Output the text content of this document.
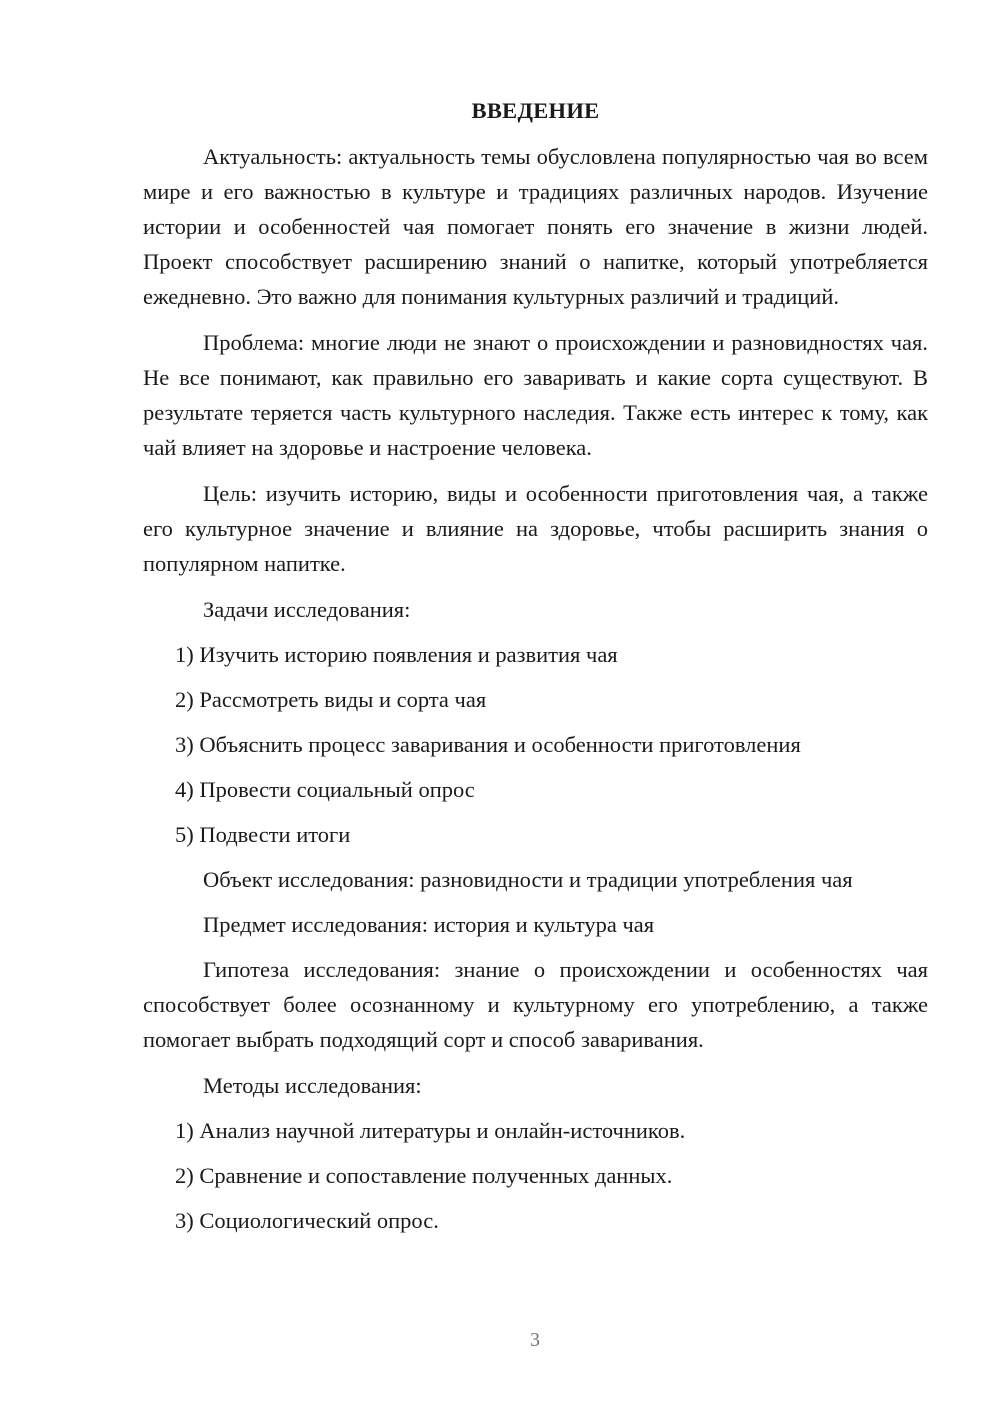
ВВЕДЕНИЕ

Актуальность: актуальность темы обусловлена популярностью чая во всем мире и его важностью в культуре и традициях различных народов. Изучение истории и особенностей чая помогает понять его значение в жизни людей. Проект способствует расширению знаний о напитке, который употребляется ежедневно. Это важно для понимания культурных различий и традиций.

Проблема: многие люди не знают о происхождении и разновидностях чая. Не все понимают, как правильно его заваривать и какие сорта существуют. В результате теряется часть культурного наследия. Также есть интерес к тому, как чай влияет на здоровье и настроение человека.

Цель: изучить историю, виды и особенности приготовления чая, а также его культурное значение и влияние на здоровье, чтобы расширить знания о популярном напитке.

Задачи исследования:
1) Изучить историю появления и развития чая
2) Рассмотреть виды и сорта чая
3) Объяснить процесс заваривания и особенности приготовления
4) Провести социальный опрос
5) Подвести итоги
Объект исследования: разновидности и традиции употребления чая
Предмет исследования: история и культура чая

Гипотеза исследования: знание о происхождении и особенностях чая способствует более осознанному и культурному его употреблению, а также помогает выбрать подходящий сорт и способ заваривания.

Методы исследования:
1) Анализ научной литературы и онлайн-источников.
2) Сравнение и сопоставление полученных данных.
3) Социологический опрос.
3
